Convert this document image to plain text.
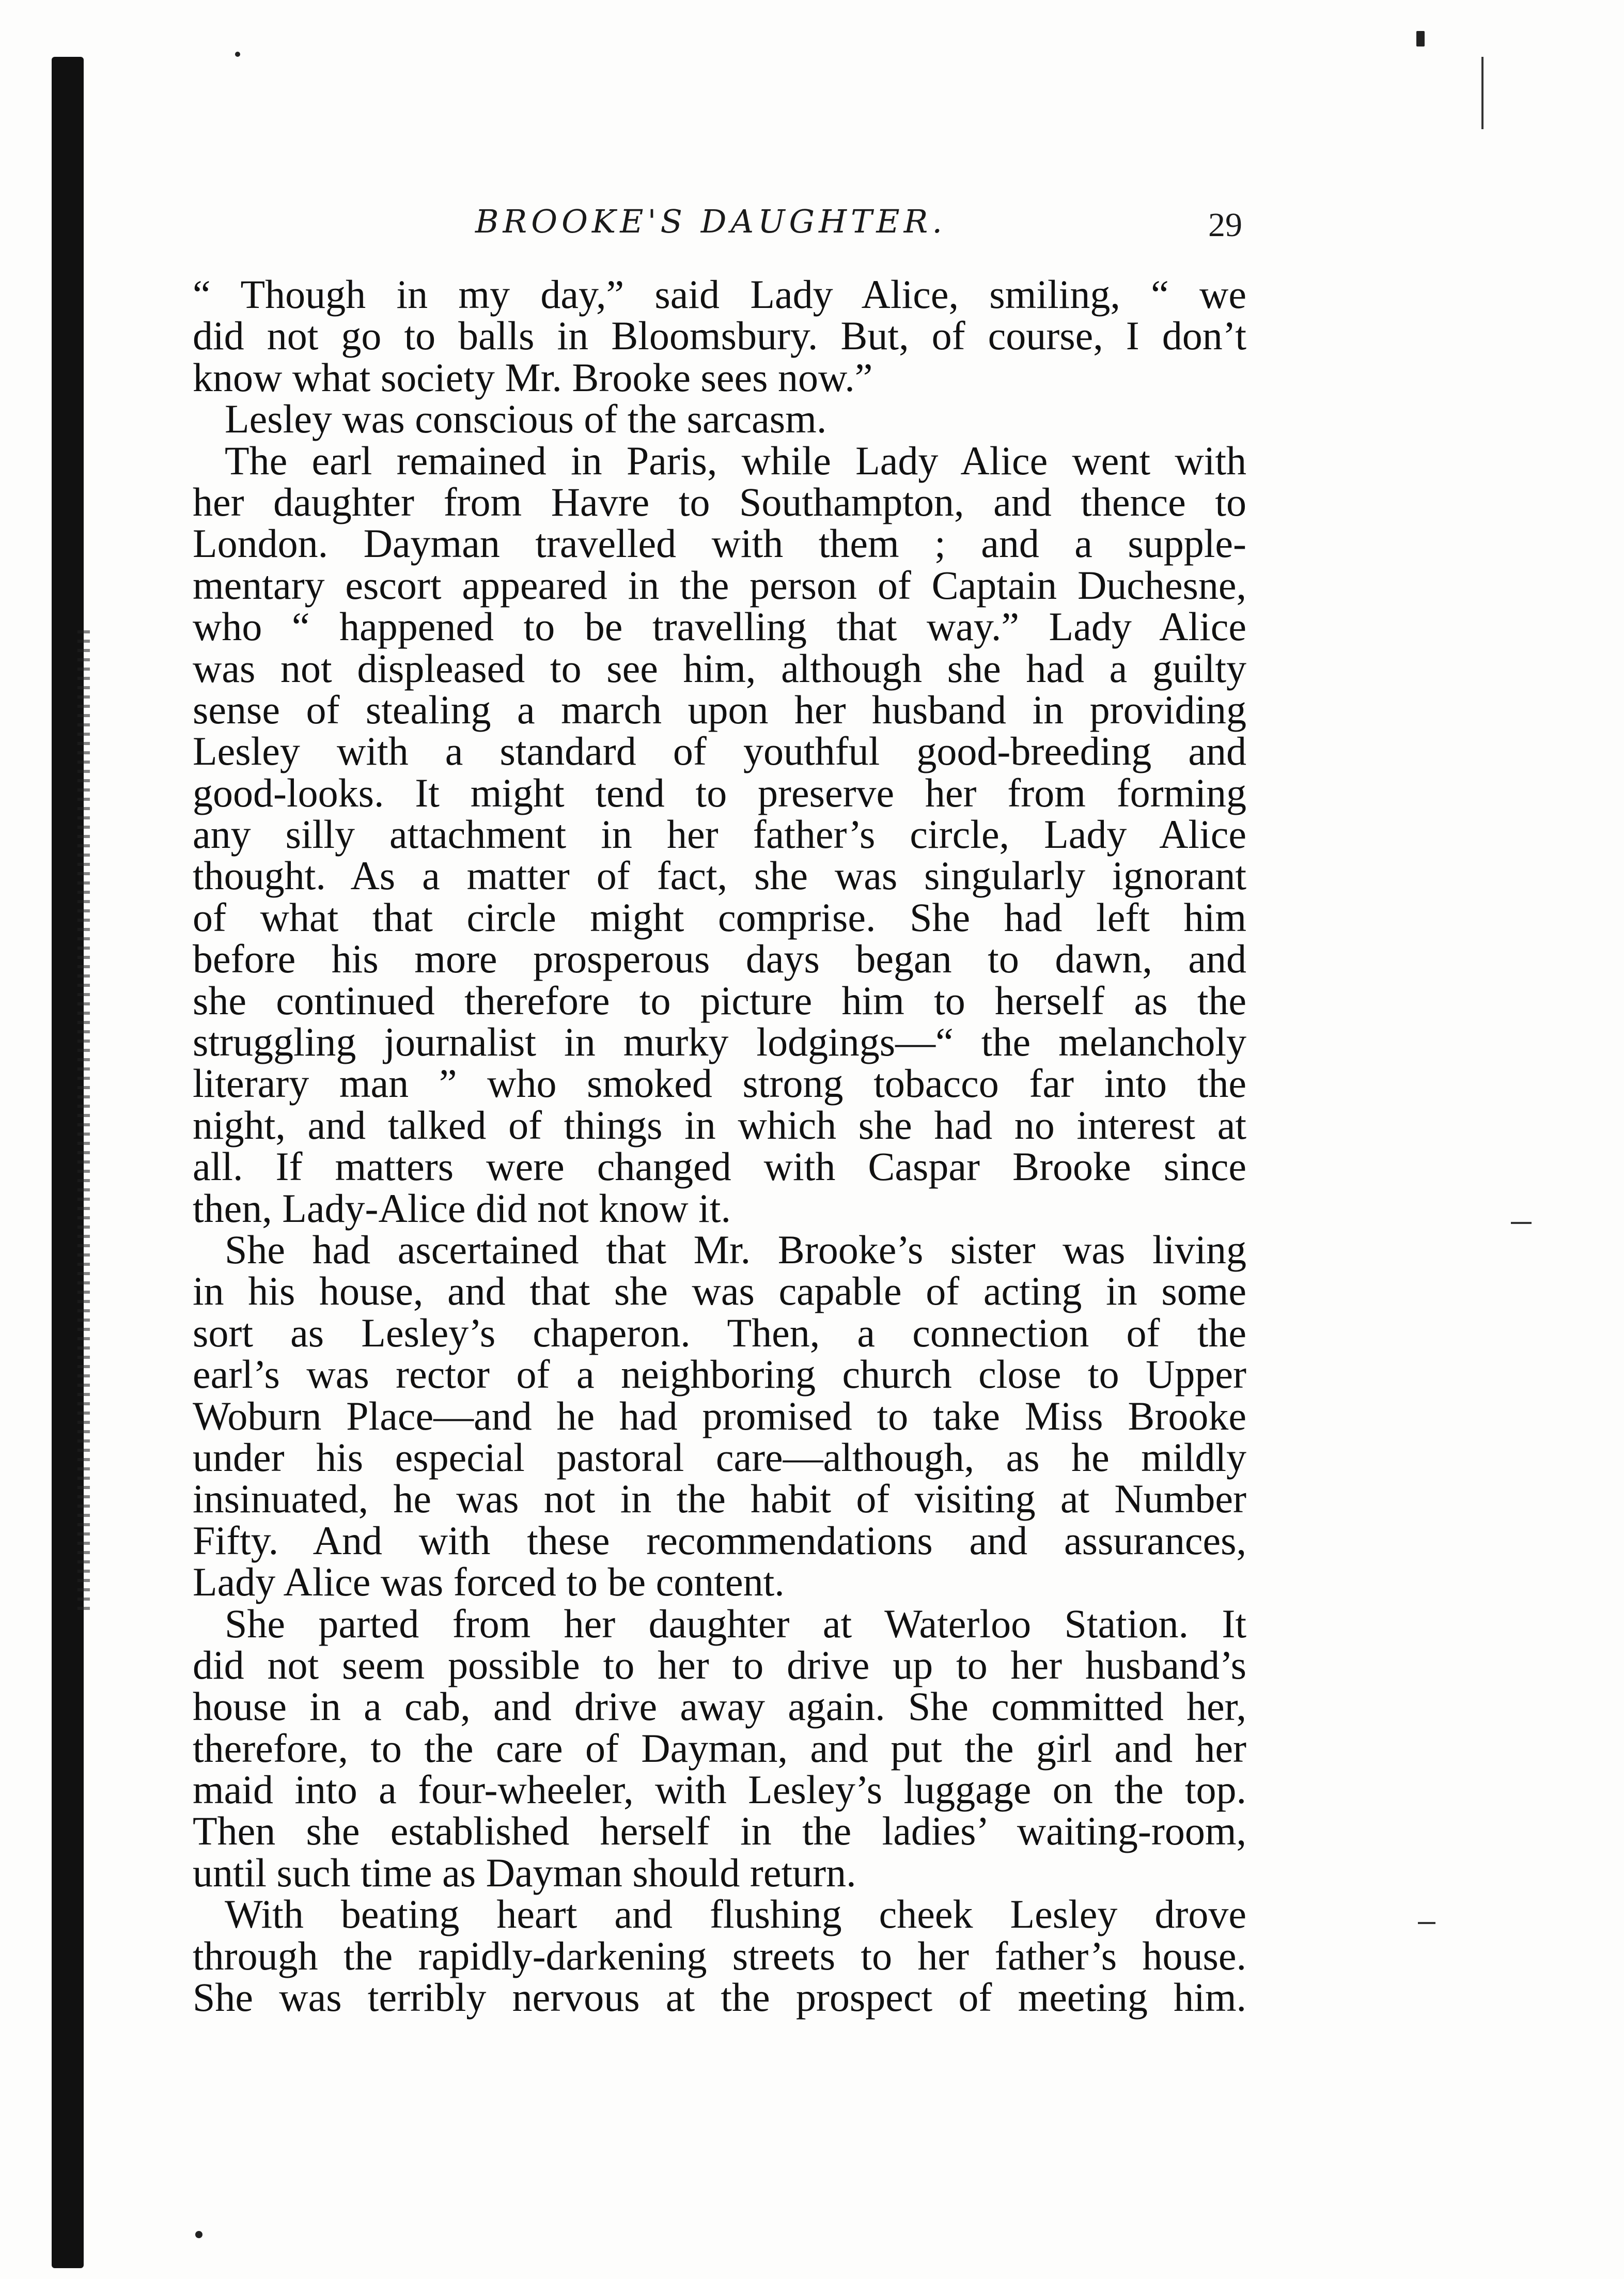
BROOKE'S DAUGHTER.	29
“ Though in my day,” said Lady Alice, smiling, “ we
did not go to balls in Bloomsbury. But, of course, I don’t
know what society Mr. Brooke sees now.”
Lesley was conscious of the sarcasm.
The earl remained in Paris, while Lady Alice went with
her daughter from Havre to Southampton, and thence to
London. Dayman travelled with them ; and a supple-
mentary escort appeared in the person of Captain Duchesne,
who “ happened to be travelling that way.” Lady Alice
was not displeased to see him, although she had a guilty
sense of stealing a march upon her husband in providing
Lesley with a standard of youthful good-breeding and
good-looks. It might tend to preserve her from forming
any silly attachment in her father’s circle, Lady Alice
thought. As a matter of fact, she was singularly ignorant
of what that circle might comprise. She had left him
before his more prosperous days began to dawn, and
she continued therefore to picture him to herself as the
struggling journalist in murky lodgings—“ the melancholy
literary man ” who smoked strong tobacco far into the
night, and talked of things in which she had no interest at
all. If matters were changed with Caspar Brooke since
then, Lady-Alice did not know it.
She had ascertained that Mr. Brooke’s sister was living
in his house, and that she was capable of acting in some
sort as Lesley’s chaperon. Then, a connection of the
earl’s was rector of a neighboring church close to Upper
Woburn Place—and he had promised to take Miss Brooke
under his especial pastoral care—although, as he mildly
insinuated, he was not in the habit of visiting at Number
Fifty. And with these recommendations and assurances,
Lady Alice was forced to be content.
She parted from her daughter at Waterloo Station. It
did not seem possible to her to drive up to her husband’s
house in a cab, and drive away again. She committed her,
therefore, to the care of Dayman, and put the girl and her
maid into a four-wheeler, with Lesley’s luggage on the top.
Then she established herself in the ladies’ waiting-room,
until such time as Dayman should return.
With beating heart and flushing cheek Lesley drove
through the rapidly-darkening streets to her father’s house.
She was terribly nervous at the prospect of meeting him.
